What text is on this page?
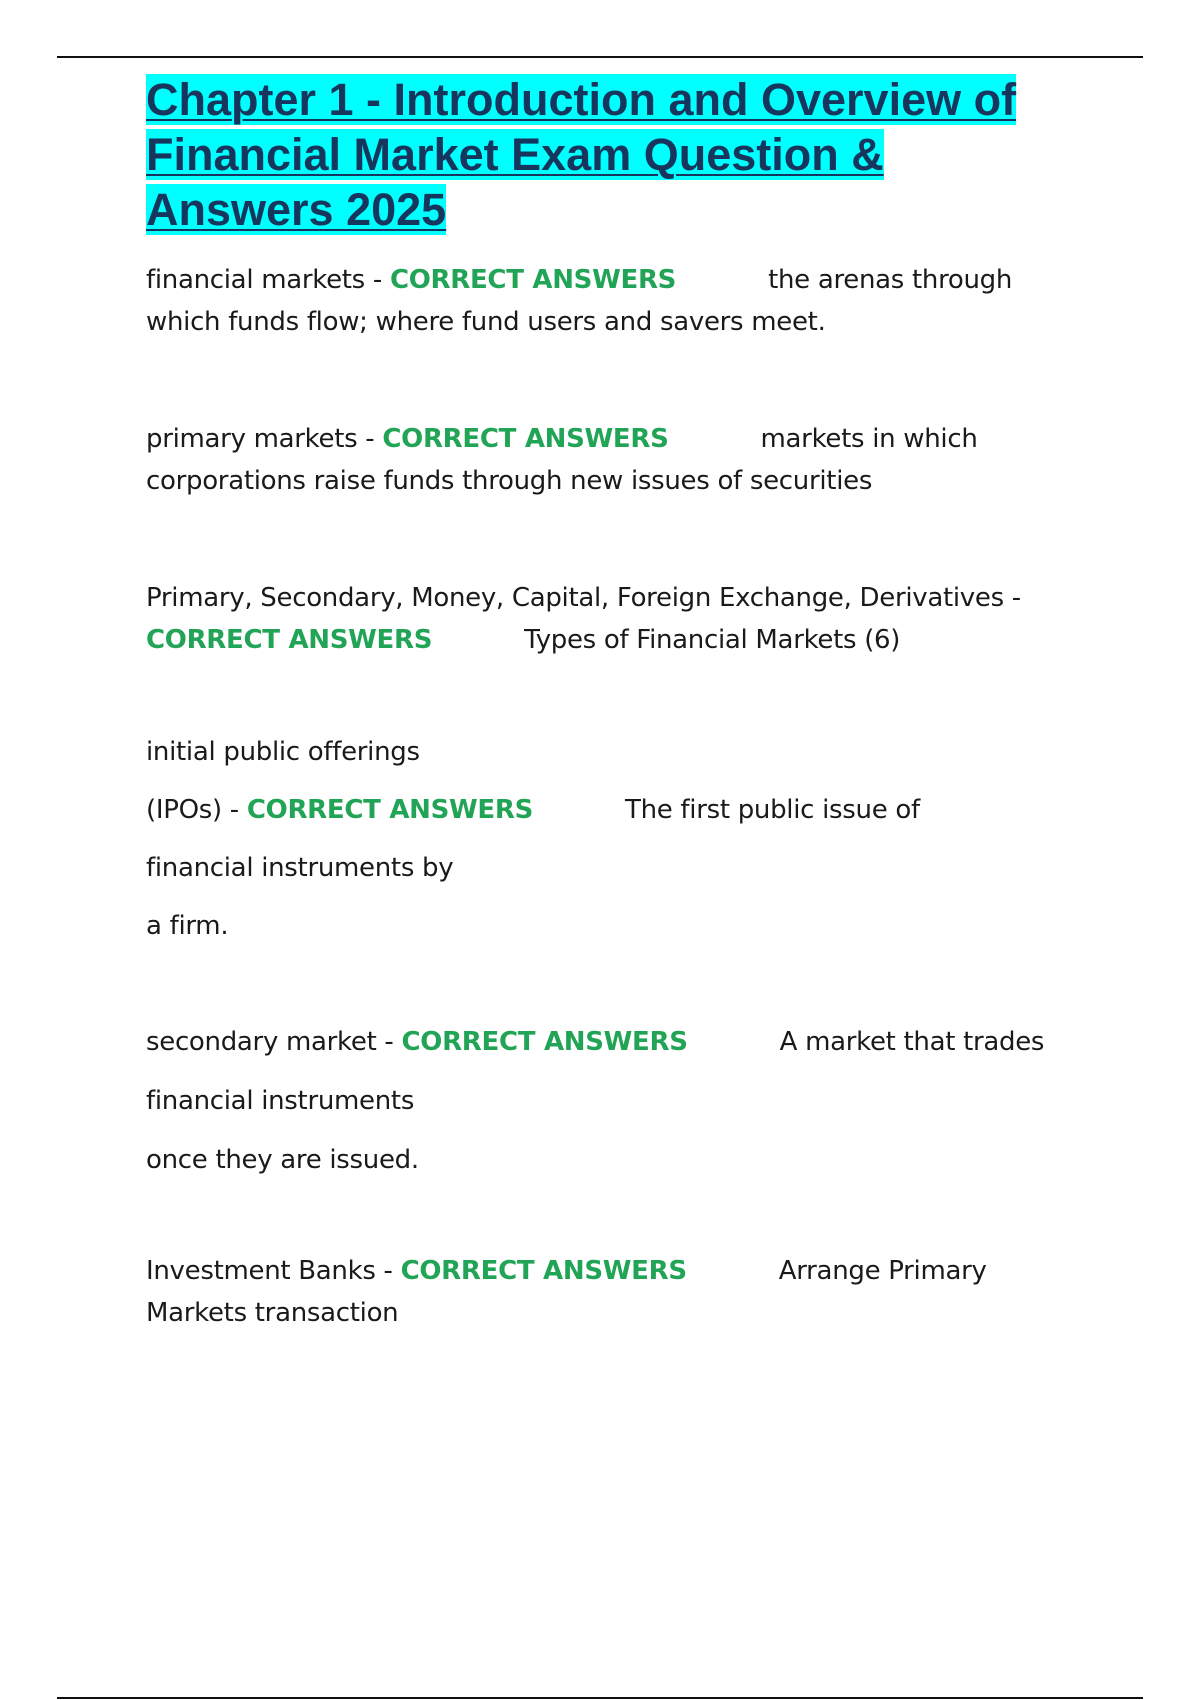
Chapter 1 - Introduction and Overview of
Financial Market Exam Question &
Answers 2025
financial markets - CORRECT ANSWERS	the arenas through
which funds flow; where fund users and savers meet.
primary markets - CORRECT ANSWERS	markets in which
corporations raise funds through new issues of securities
Primary, Secondary, Money, Capital, Foreign Exchange, Derivatives -
CORRECT ANSWERS	Types of Financial Markets (6)
initial public offerings
(IPOs) - CORRECT ANSWERS	The first public issue of
financial instruments by
a firm.
secondary market - CORRECT ANSWERS	A market that trades
financial instruments
once they are issued.
Investment Banks - CORRECT ANSWERS	Arrange Primary
Markets transaction
